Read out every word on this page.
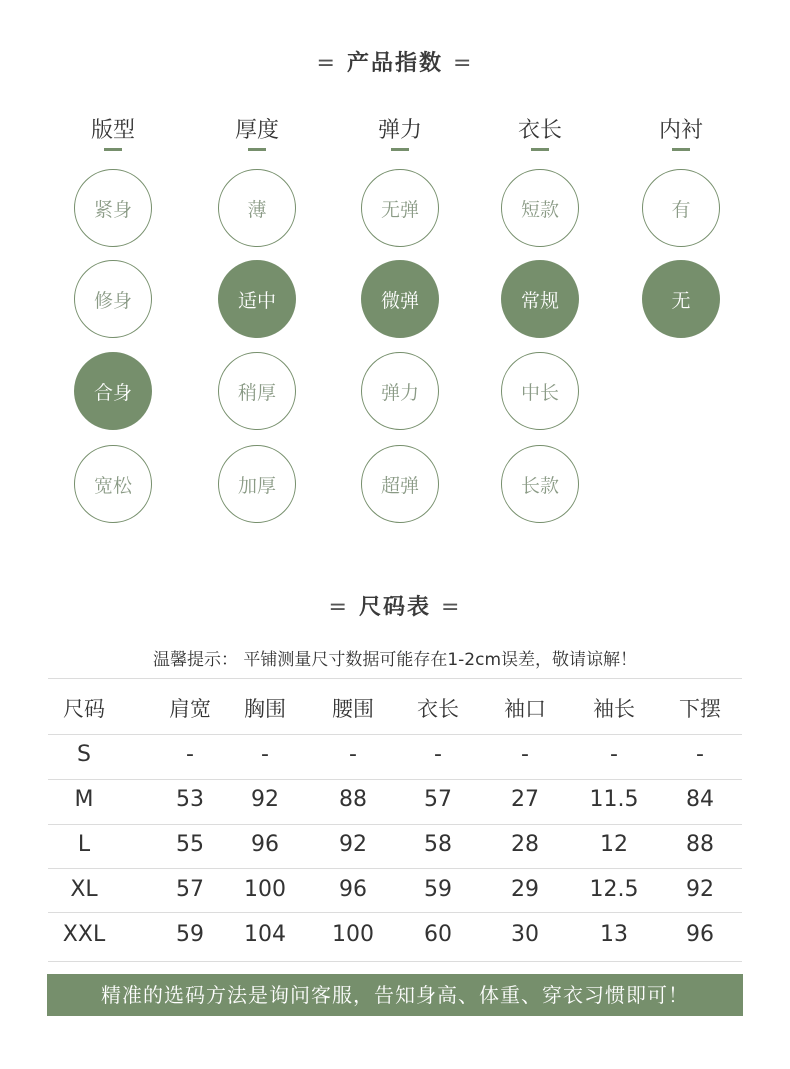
= 产品指数 =
版型
紧身
修身
合身
宽松
厚度
薄
适中
稍厚
加厚
弹力
无弹
微弹
弹力
超弹
衣长
短款
常规
中长
长款
内衬
有
无
= 尺码表 =
温馨提示： 平铺测量尺寸数据可能存在1-2cm误差，敬请谅解！
尺码	肩宽	胸围	腰围	衣长	袖口	袖长	下摆
S	-	-	-	-	-	-	-
M	53	92	88	57	27	11.5	84
L	55	96	92	58	28	12	88
XL	57	100	96	59	29	12.5	92
XXL	59	104	100	60	30	13	96
精准的选码方法是询问客服，告知身高、体重、穿衣习惯即可！
